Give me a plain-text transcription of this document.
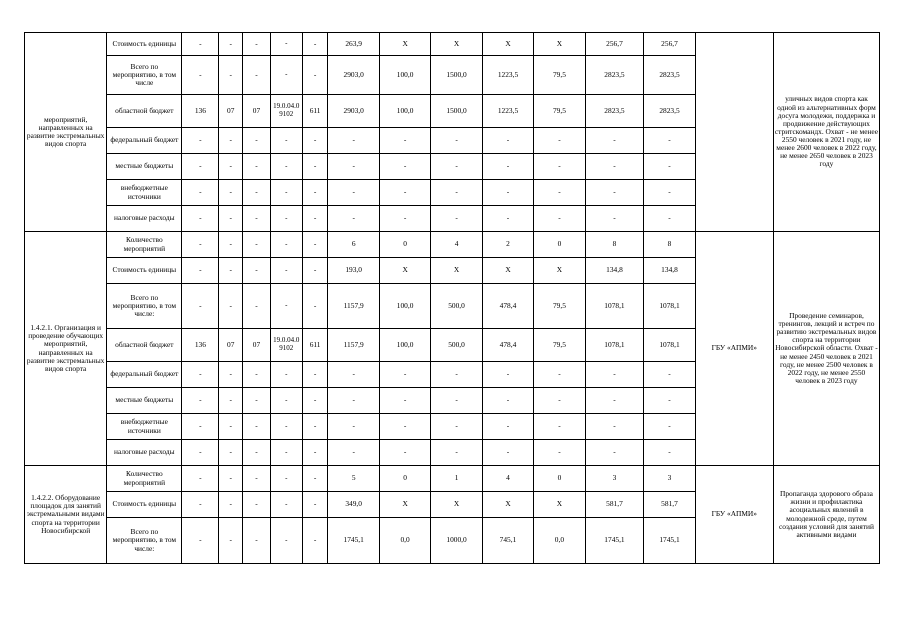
мероприятий, направленных на развитие экстремальных видов спорта	Стоимость единицы	-	-	-	-	-	263,9	X	X	X	X	256,7	256,7		уличных видов спорта как одной из альтернативных форм досуга молодежи, поддержка и продвижение действующих стритскомандх. Охват - не менее 2550 человек в 2021 году, не менее 2600 человек в 2022 году, не менее 2650 человек в 2023 году
	Всего по мероприятию, в том числе	-	-	-	-	-	2903,0	100,0	1500,0	1223,5	79,5	2823,5	2823,5		
	областной бюджет	136	07	07	19.0.04.0 9102	611	2903,0	100,0	1500,0	1223,5	79,5	2823,5	2823,5		
	федеральный бюджет	-	-	-	-	-	-	-	-	-	-	-	-		
	местные бюджеты	-	-	-	-	-	-	-	-	-	-	-	-		
	внебюджетные источники	-	-	-	-	-	-	-	-	-	-	-	-		
	налоговые расходы	-	-	-	-	-	-	-	-	-	-	-	-		
1.4.2.1. Организация и проведение обучающих мероприятий, направленных на развитие экстремальных видов спорта	Количество мероприятий	-	-	-	-	-	6	0	4	2	0	8	8	ГБУ «АПМИ»	Проведение семинаров, тренингов, лекций и встреч по развитию экстремальных видов спорта на территории Новосибирской области. Охват - не менее 2450 человек в 2021 году, не менее 2500 человек в 2022 году, не менее 2550 человек в 2023 году
	Стоимость единицы	-	-	-	-	-	193,0	X	X	X	X	134,8	134,8		
	Всего по мероприятию, в том числе:	-	-	-	-	-	1157,9	100,0	500,0	478,4	79,5	1078,1	1078,1		
	областной бюджет	136	07	07	19.0.04.0 9102	611	1157,9	100,0	500,0	478,4	79,5	1078,1	1078,1		
	федеральный бюджет	-	-	-	-	-	-	-	-	-	-	-	-		
	местные бюджеты	-	-	-	-	-	-	-	-	-	-	-	-		
	внебюджетные источники	-	-	-	-	-	-	-	-	-	-	-	-		
	налоговые расходы	-	-	-	-	-	-	-	-	-	-	-	-		
1.4.2.2. Оборудование площадок для занятий экстремальными видами спорта на территории Новосибирской	Количество мероприятий	-	-	-	-	-	5	0	1	4	0	3	3	ГБУ «АПМИ»	Пропаганда здорового образа жизни и профилактика асоциальных явлений в молодежной среде, путем создания условий для занятий активными видами
	Стоимость единицы	-	-	-	-	-	349,0	X	X	X	X	581,7	581,7		
	Всего по мероприятию, в том числе:	-	-	-	-	-	1745,1	0,0	1000,0	745,1	0,0	1745,1	1745,1		
